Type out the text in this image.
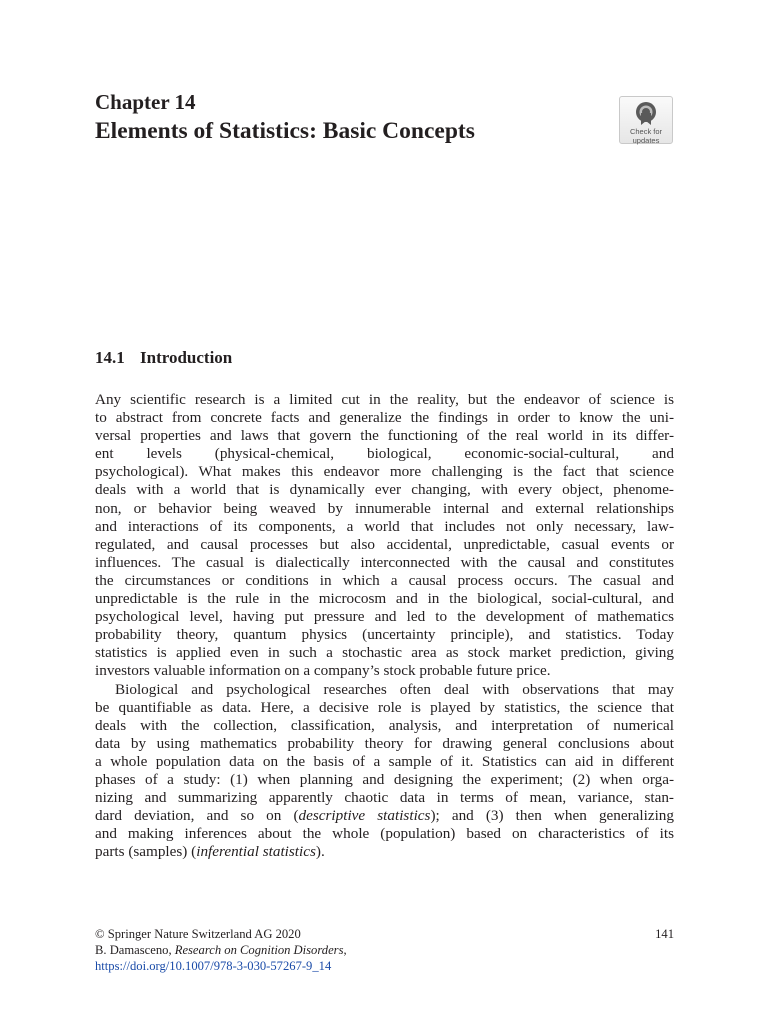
Chapter 14
Elements of Statistics: Basic Concepts	Check for
updates
14.1 Introduction
Any scientific research is a limited cut in the reality, but the endeavor of science is
to abstract from concrete facts and generalize the findings in order to know the uni-
versal properties and laws that govern the functioning of the real world in its differ-
ent levels (physical-chemical, biological, economic-social-cultural, and
psychological). What makes this endeavor more challenging is the fact that science
deals with a world that is dynamically ever changing, with every object, phenome-
non, or behavior being weaved by innumerable internal and external relationships
and interactions of its components, a world that includes not only necessary, law-
regulated, and causal processes but also accidental, unpredictable, casual events or
influences. The casual is dialectically interconnected with the causal and constitutes
the circumstances or conditions in which a causal process occurs. The casual and
unpredictable is the rule in the microcosm and in the biological, social-cultural, and
psychological level, having put pressure and led to the development of mathematics
probability theory, quantum physics (uncertainty principle), and statistics. Today
statistics is applied even in such a stochastic area as stock market prediction, giving
investors valuable information on a company’s stock probable future price.
Biological and psychological researches often deal with observations that may
be quantifiable as data. Here, a decisive role is played by statistics, the science that
deals with the collection, classification, analysis, and interpretation of numerical
data by using mathematics probability theory for drawing general conclusions about
a whole population data on the basis of a sample of it. Statistics can aid in different
phases of a study: (1) when planning and designing the experiment; (2) when orga-
nizing and summarizing apparently chaotic data in terms of mean, variance, stan-
dard deviation, and so on (descriptive statistics); and (3) then when generalizing
and making inferences about the whole (population) based on characteristics of its
parts (samples) (inferential statistics).
© Springer Nature Switzerland AG 2020
B. Damasceno, Research on Cognition Disorders,
https://doi.org/10.1007/978-3-030-57267-9_14
141
